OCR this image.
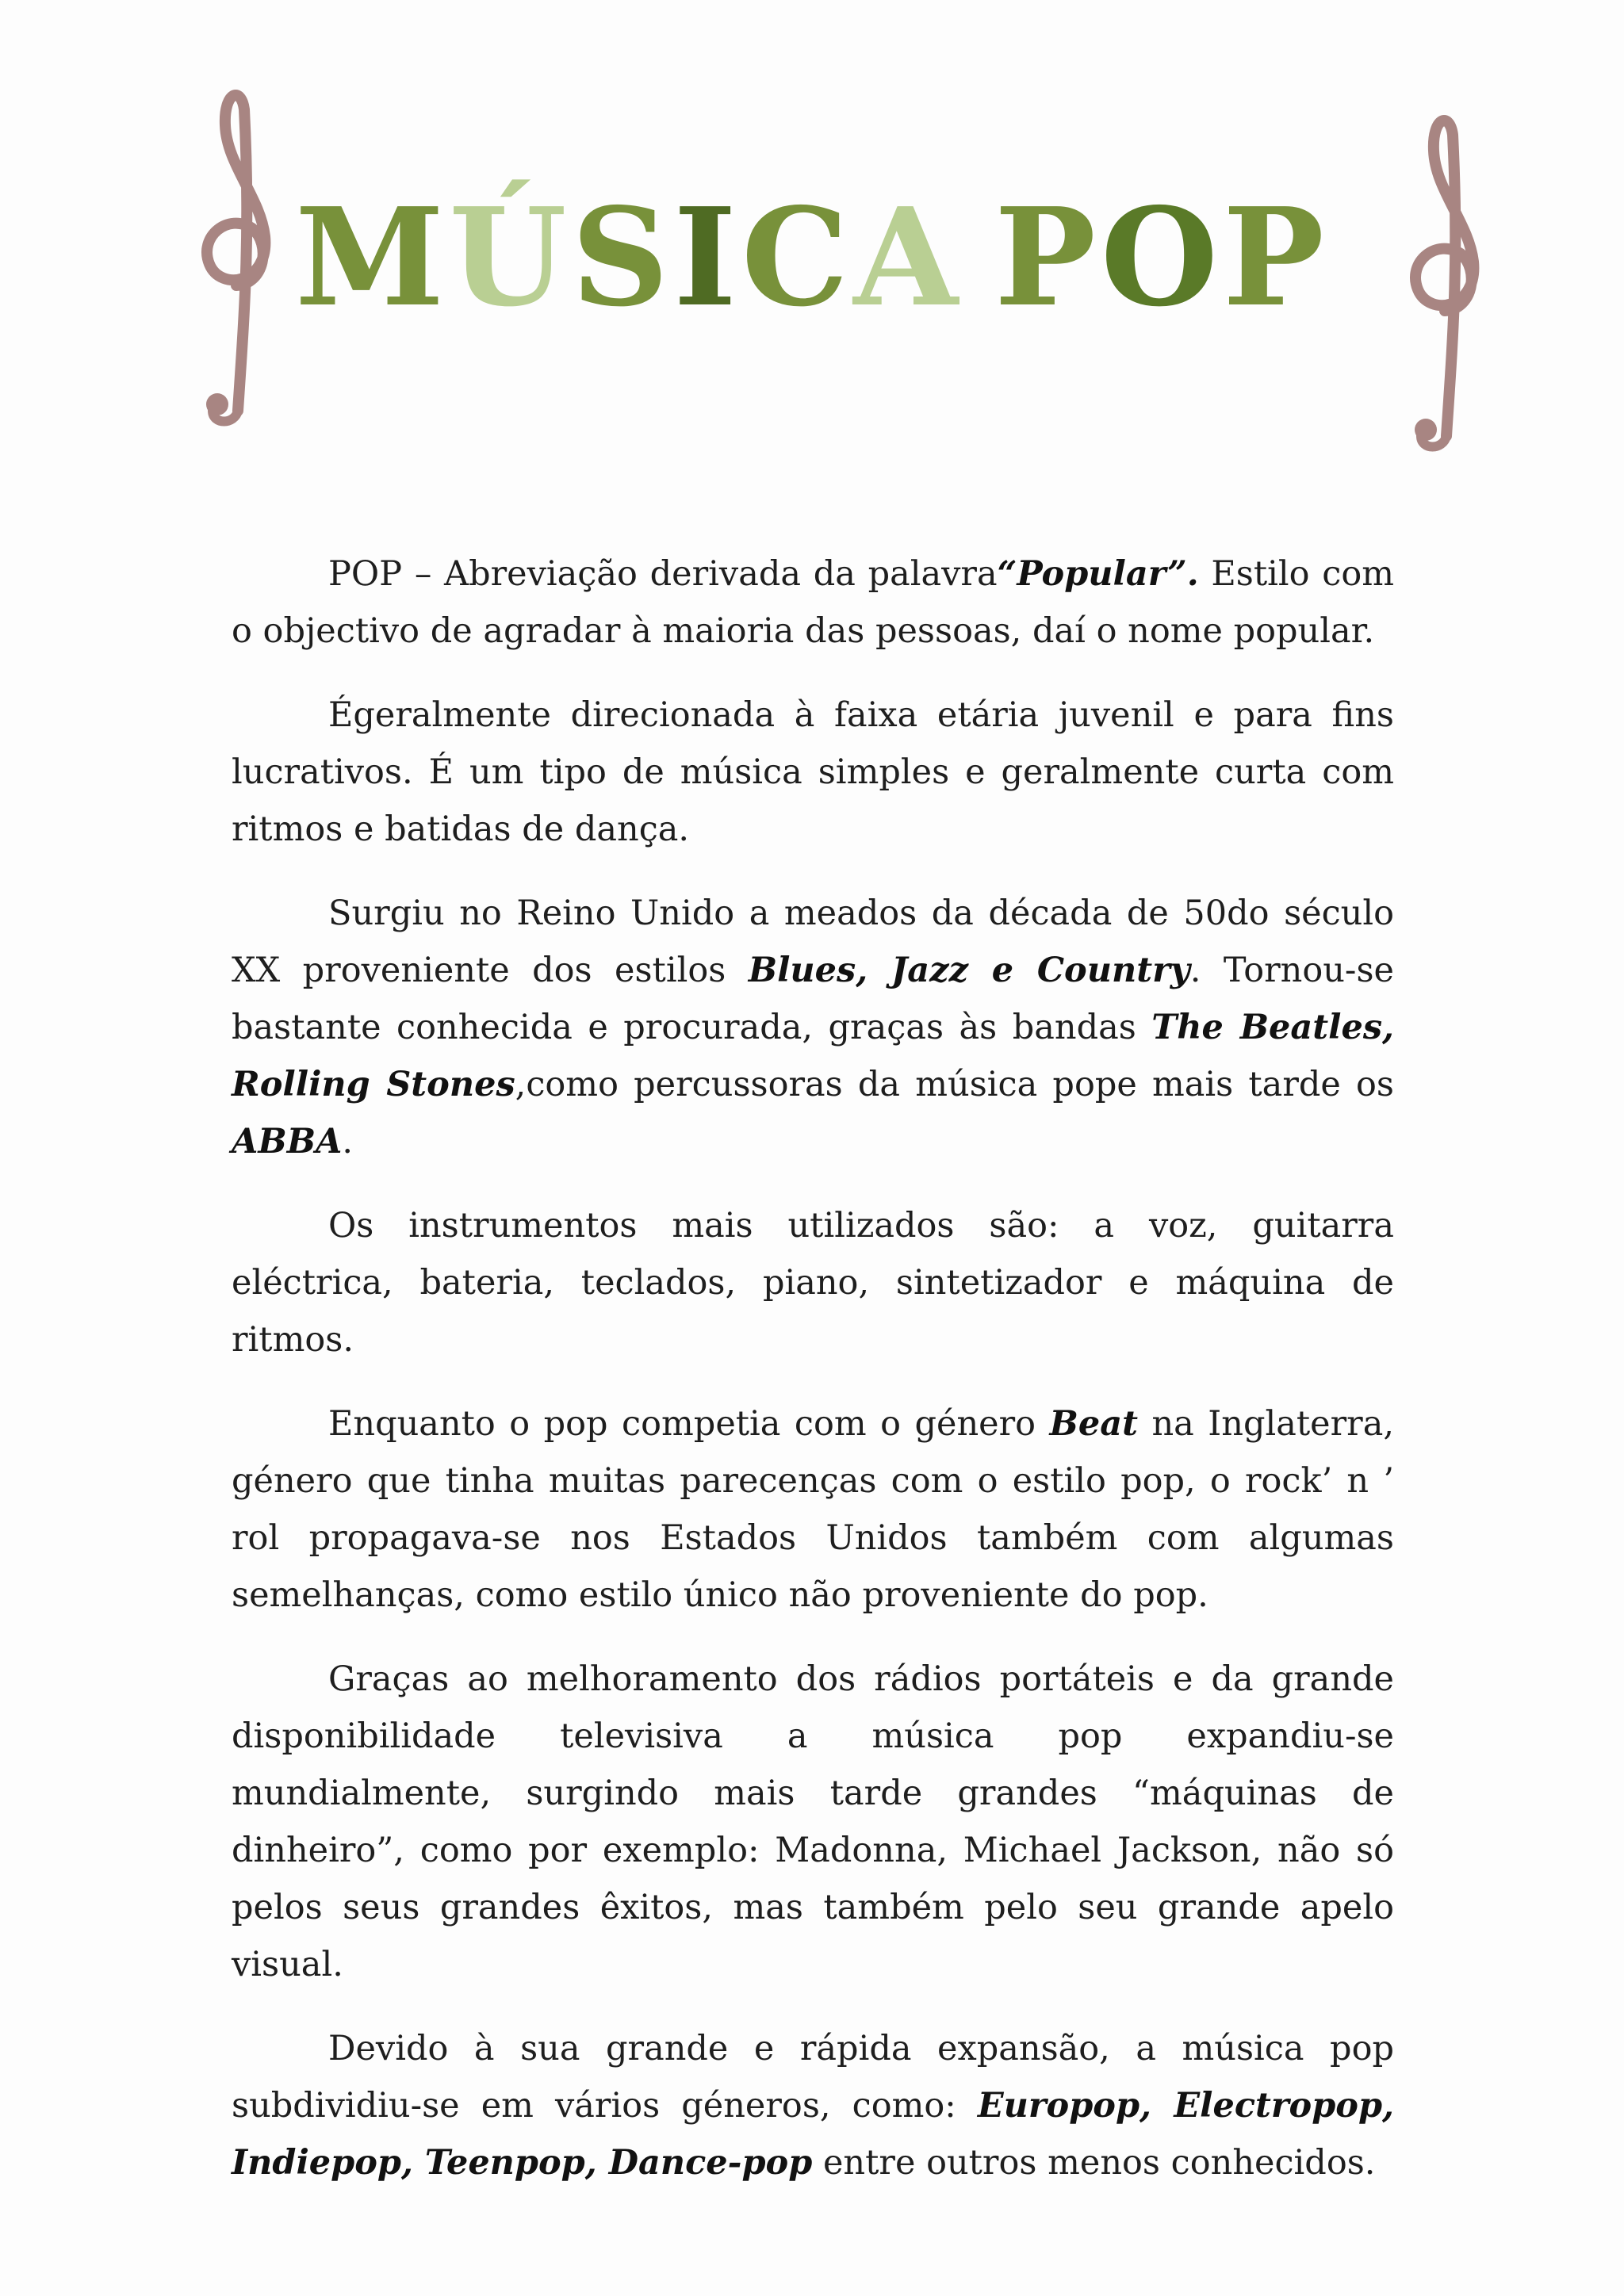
MÚSICA POP

POP – Abreviação derivada da palavra“Popular”. Estilo com o objectivo de agradar à maioria das pessoas, daí o nome popular.

Égeralmente direcionada à faixa etária juvenil e para fins lucrativos. É um tipo de música simples e geralmente curta com ritmos e batidas de dança.

Surgiu no Reino Unido a meados da década de 50do século XX proveniente dos estilos Blues, Jazz e Country. Tornou-se bastante conhecida e procurada, graças às bandas The Beatles, Rolling Stones,como percussoras da música pope mais tarde os ABBA.

Os instrumentos mais utilizados são: a voz, guitarra eléctrica, bateria, teclados, piano, sintetizador e máquina de ritmos.

Enquanto o pop competia com o género Beat na Inglaterra, género que tinha muitas parecenças com o estilo pop, o rock’ n ’ rol propagava-se nos Estados Unidos também com algumas semelhanças, como estilo único não proveniente do pop.

Graças ao melhoramento dos rádios portáteis e da grande disponibilidade televisiva a música pop expandiu-se mundialmente, surgindo mais tarde grandes “máquinas de dinheiro”, como por exemplo: Madonna, Michael Jackson, não só pelos seus grandes êxitos, mas também pelo seu grande apelo visual.

Devido à sua grande e rápida expansão, a música pop subdividiu-se em vários géneros, como: Europop, Electropop, Indiepop, Teenpop, Dance-pop entre outros menos conhecidos.
